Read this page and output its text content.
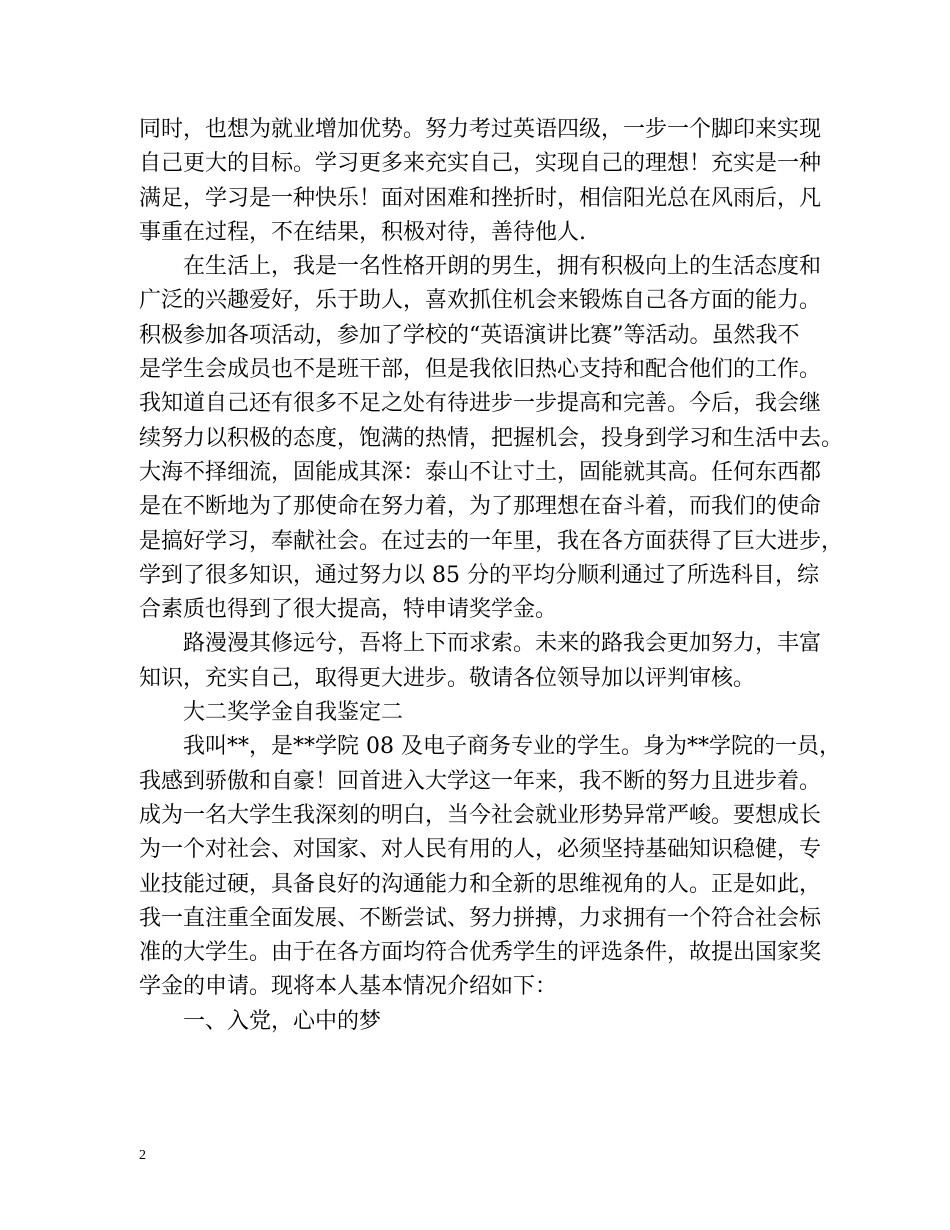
同时，也想为就业增加优势。努力考过英语四级，一步一个脚印来实现
自己更大的目标。学习更多来充实自己，实现自己的理想！充实是一种
满足，学习是一种快乐！面对困难和挫折时，相信阳光总在风雨后，凡
事重在过程，不在结果，积极对待，善待他人.
在生活上，我是一名性格开朗的男生，拥有积极向上的生活态度和
广泛的兴趣爱好，乐于助人，喜欢抓住机会来锻炼自己各方面的能力。
积极参加各项活动，参加了学校的“英语演讲比赛”等活动。虽然我不
是学生会成员也不是班干部，但是我依旧热心支持和配合他们的工作。
我知道自己还有很多不足之处有待进步一步提高和完善。今后，我会继
续努力以积极的态度，饱满的热情，把握机会，投身到学习和生活中去。
大海不择细流，固能成其深：泰山不让寸土，固能就其高。任何东西都
是在不断地为了那使命在努力着，为了那理想在奋斗着，而我们的使命
是搞好学习，奉献社会。在过去的一年里，我在各方面获得了巨大进步，
学到了很多知识，通过努力以 85 分的平均分顺利通过了所选科目，综
合素质也得到了很大提高，特申请奖学金。
路漫漫其修远兮，吾将上下而求索。未来的路我会更加努力，丰富
知识，充实自己，取得更大进步。敬请各位领导加以评判审核。
大二奖学金自我鉴定二
我叫**，是**学院 08 及电子商务专业的学生。身为**学院的一员，
我感到骄傲和自豪！回首进入大学这一年来，我不断的努力且进步着。
成为一名大学生我深刻的明白，当今社会就业形势异常严峻。要想成长
为一个对社会、对国家、对人民有用的人，必须坚持基础知识稳健，专
业技能过硬，具备良好的沟通能力和全新的思维视角的人。正是如此，
我一直注重全面发展、不断尝试、努力拼搏，力求拥有一个符合社会标
准的大学生。由于在各方面均符合优秀学生的评选条件，故提出国家奖
学金的申请。现将本人基本情况介绍如下：
一、入党，心中的梦
2
